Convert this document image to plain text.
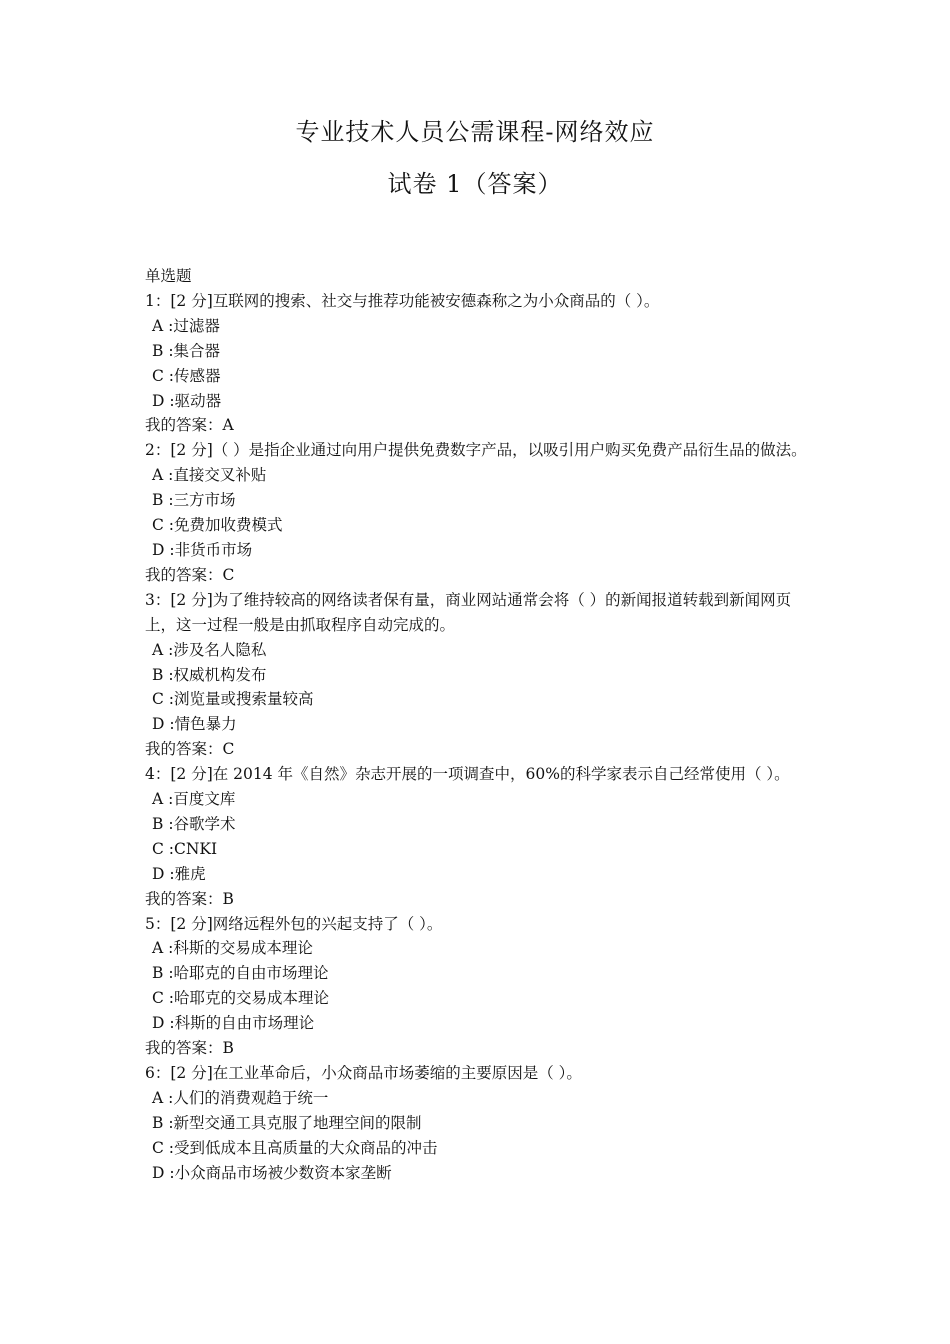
专业技术人员公需课程-网络效应
试卷 1（答案）
单选题
1：[2 分]互联网的搜索、社交与推荐功能被安德森称之为小众商品的（ ）。
A :过滤器
B :集合器
C :传感器
D :驱动器
我的答案：A
2：[2 分]（ ）是指企业通过向用户提供免费数字产品，以吸引用户购买免费产品衍生品的做法。
A :直接交叉补贴
B :三方市场
C :免费加收费模式
D :非货币市场
我的答案：C
3：[2 分]为了维持较高的网络读者保有量，商业网站通常会将（ ）的新闻报道转载到新闻网页上，这一过程一般是由抓取程序自动完成的。
A :涉及名人隐私
B :权威机构发布
C :浏览量或搜索量较高
D :情色暴力
我的答案：C
4：[2 分]在 2014 年《自然》杂志开展的一项调查中，60%的科学家表示自己经常使用（ ）。
A :百度文库
B :谷歌学术
C :CNKI
D :雅虎
我的答案：B
5：[2 分]网络远程外包的兴起支持了（ ）。
A :科斯的交易成本理论
B :哈耶克的自由市场理论
C :哈耶克的交易成本理论
D :科斯的自由市场理论
我的答案：B
6：[2 分]在工业革命后，小众商品市场萎缩的主要原因是（ ）。
A :人们的消费观趋于统一
B :新型交通工具克服了地理空间的限制
C :受到低成本且高质量的大众商品的冲击
D :小众商品市场被少数资本家垄断
